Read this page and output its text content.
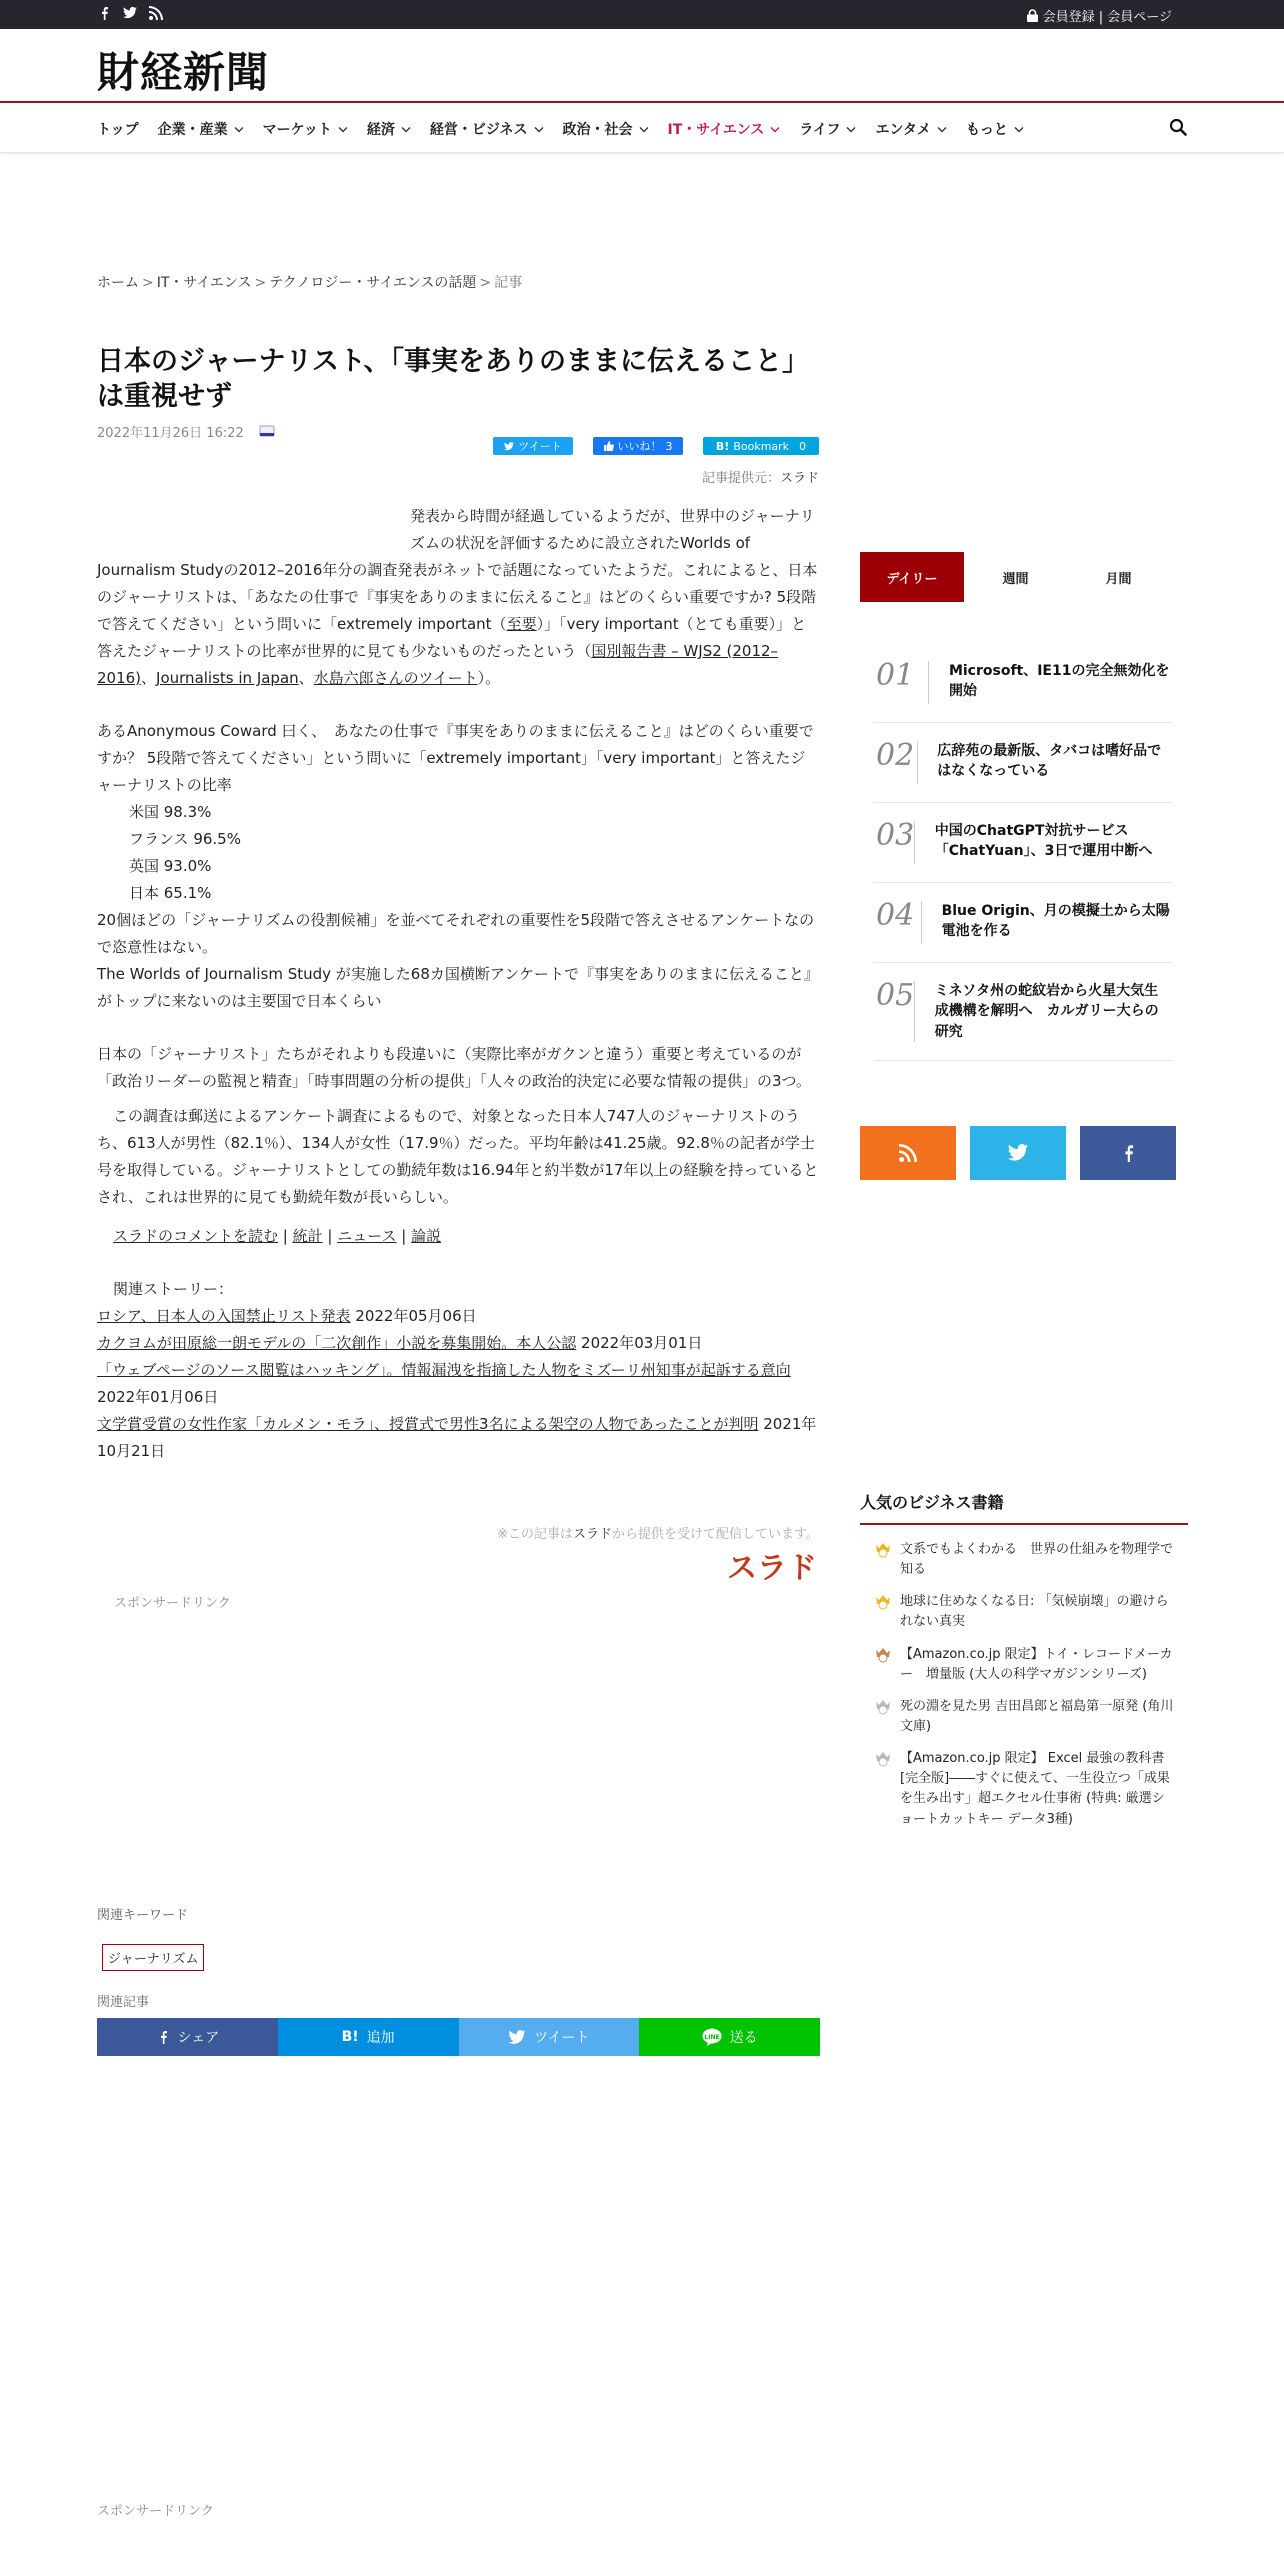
会員登録 | 会員ページ
財経新聞
トップ 企業・産業	マーケット	経済	経営・ビジネス	政治・社会	IT・サイエンス	ライフ	エンタメ	もっと
ホーム > IT・サイエンス > テクノロジー・サイエンスの話題 > 記事
日本のジャーナリスト、「事実をありのままに伝えること」は重視せず
2022年11月26日 16:22
ツイート	いいね！ 3	B! Bookmark 0
記事提供元：スラド

発表から時間が経過しているようだが、世界中のジャーナリズムの状況を評価するために設立されたWorlds of

Journalism Studyの2012–2016年分の調査発表がネットで話題になっていたようだ。これによると、日本のジャーナリストは、「あなたの仕事で『事実をありのままに伝えること』はどのくらい重要ですか? 5段階で答えてください」という問いに「extremely important（至要）」「very important（とても重要）」と答えたジャーナリストの比率が世界的に見ても少ないものだったという（国別報告書 – WJS2 (2012–2016)、Journalists in Japan、水島六郎さんのツイート）。

あるAnonymous Coward 曰く、　あなたの仕事で『事実をありのままに伝えること』はどのくらい重要ですか？ 5段階で答えてください」という問いに「extremely important」「very important」と答えたジャーナリストの比率

米国 98.3%

フランス 96.5%

英国 93.0%

日本 65.1%

20個ほどの「ジャーナリズムの役割候補」を並べてそれぞれの重要性を5段階で答えさせるアンケートなので恣意性はない。

The Worlds of Journalism Study が実施した68カ国横断アンケートで『事実をありのままに伝えること』がトップに来ないのは主要国で日本くらい

日本の「ジャーナリスト」たちがそれよりも段違いに（実際比率がガクンと違う）重要と考えているのが「政治リーダーの監視と精査」「時事問題の分析の提供」「人々の政治的決定に必要な情報の提供」の3つ。

この調査は郵送によるアンケート調査によるもので、対象となった日本人747人のジャーナリストのうち、613人が男性（82.1％）、134人が女性（17.9％）だった。平均年齢は41.25歳。92.8％の記者が学士号を取得している。ジャーナリストとしての勤続年数は16.94年と約半数が17年以上の経験を持っているとされ、これは世界的に見ても勤続年数が長いらしい。

スラドのコメントを読む | 統計 | ニュース | 論説

関連ストーリー：

ロシア、日本人の入国禁止リスト発表 2022年05月06日

カクヨムが田原総一朗モデルの「二次創作」小説を募集開始。本人公認 2022年03月01日

「ウェブページのソース閲覧はハッキング」。情報漏洩を指摘した人物をミズーリ州知事が起訴する意向 2022年01月06日

文学賞受賞の女性作家「カルメン・モラ」、授賞式で男性3名による架空の人物であったことが判明 2021年10月21日

※この記事はスラドから提供を受けて配信しています。
スラド
スポンサードリンク
デイリー	週間	月間
01	Microsoft、IE11の完全無効化を開始
02 広辞苑の最新版、タバコは嗜好品ではなくなっている
03 中国のChatGPT対抗サービス「ChatYuan」、3日で運用中断へ
04	Blue Origin、月の模擬土から太陽電池を作る
05 ミネソタ州の蛇紋岩から火星大気生成機構を解明へ　カルガリー大らの研究
人気のビジネス書籍
文系でもよくわかる　世界の仕組みを物理学で知る
地球に住めなくなる日: 「気候崩壊」の避けられない真実
【Amazon.co.jp 限定】トイ・レコードメーカー　増量版 (大人の科学マガジンシリーズ)
死の淵を見た男 吉田昌郎と福島第一原発 (角川文庫)
【Amazon.co.jp 限定】 Excel 最強の教科書[完全版]――すぐに使えて、一生役立つ「成果を生み出す」超エクセル仕事術 (特典: 厳選ショートカットキー データ3種)
関連キーワード
ジャーナリズム
関連記事
シェア	B! 追加	ツイート	LINE 送る
スポンサードリンク
